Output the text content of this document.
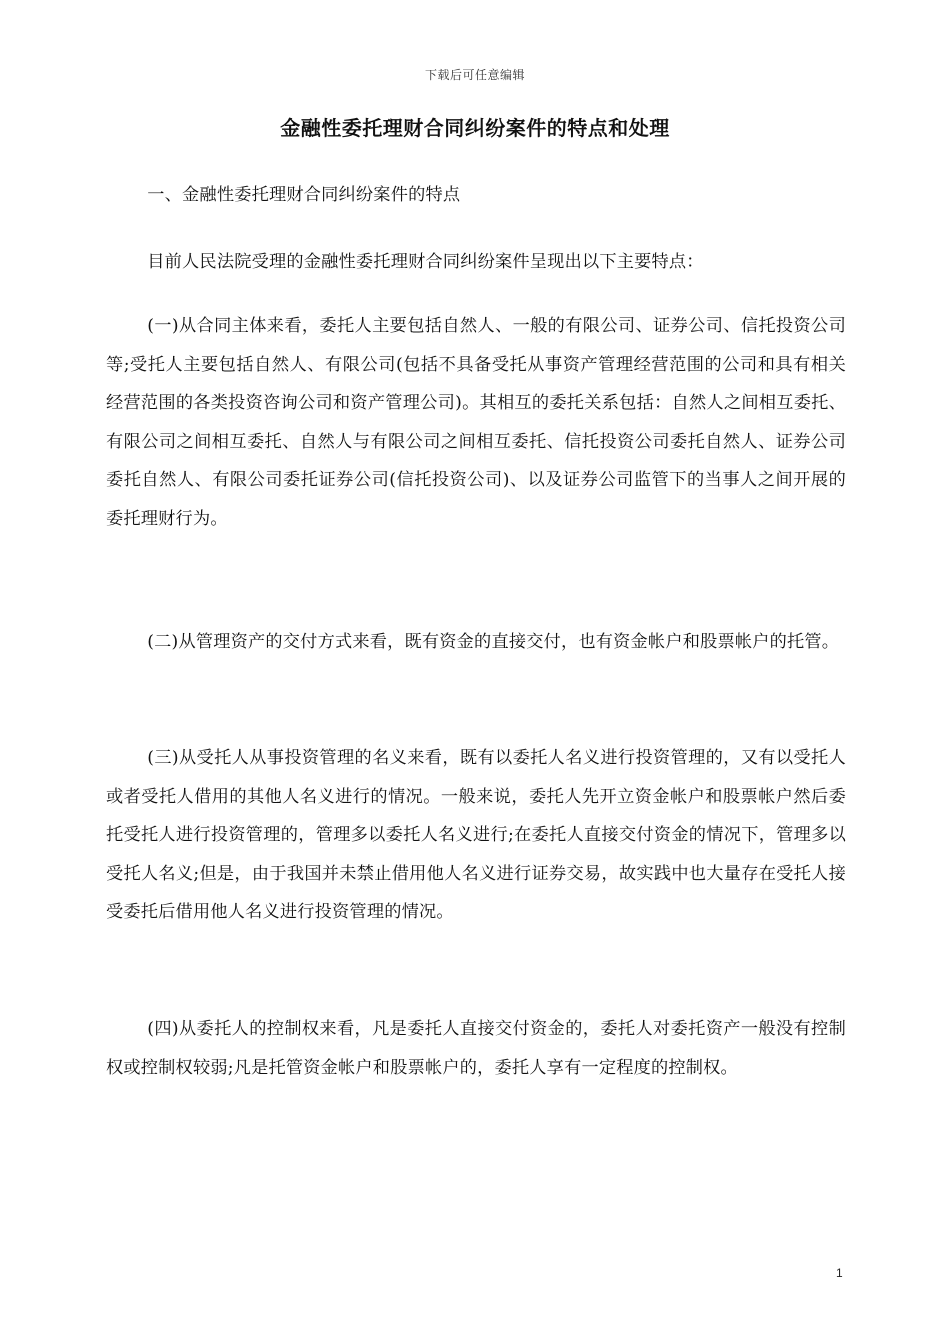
下载后可任意编辑
金融性委托理财合同纠纷案件的特点和处理

一、金融性委托理财合同纠纷案件的特点

目前人民法院受理的金融性委托理财合同纠纷案件呈现出以下主要特点：

(一)从合同主体来看，委托人主要包括自然人、一般的有限公司、证券公司、信托投资公司等;受托人主要包括自然人、有限公司(包括不具备受托从事资产管理经营范围的公司和具有相关经营范围的各类投资咨询公司和资产管理公司)。其相互的委托关系包括：自然人之间相互委托、有限公司之间相互委托、自然人与有限公司之间相互委托、信托投资公司委托自然人、证券公司委托自然人、有限公司委托证券公司(信托投资公司)、以及证券公司监管下的当事人之间开展的委托理财行为。

(二)从管理资产的交付方式来看，既有资金的直接交付，也有资金帐户和股票帐户的托管。

(三)从受托人从事投资管理的名义来看，既有以委托人名义进行投资管理的，又有以受托人或者受托人借用的其他人名义进行的情况。一般来说，委托人先开立资金帐户和股票帐户然后委托受托人进行投资管理的，管理多以委托人名义进行;在委托人直接交付资金的情况下，管理多以受托人名义;但是，由于我国并未禁止借用他人名义进行证券交易，故实践中也大量存在受托人接受委托后借用他人名义进行投资管理的情况。

(四)从委托人的控制权来看，凡是委托人直接交付资金的，委托人对委托资产一般没有控制权或控制权较弱;凡是托管资金帐户和股票帐户的，委托人享有一定程度的控制权。

1
